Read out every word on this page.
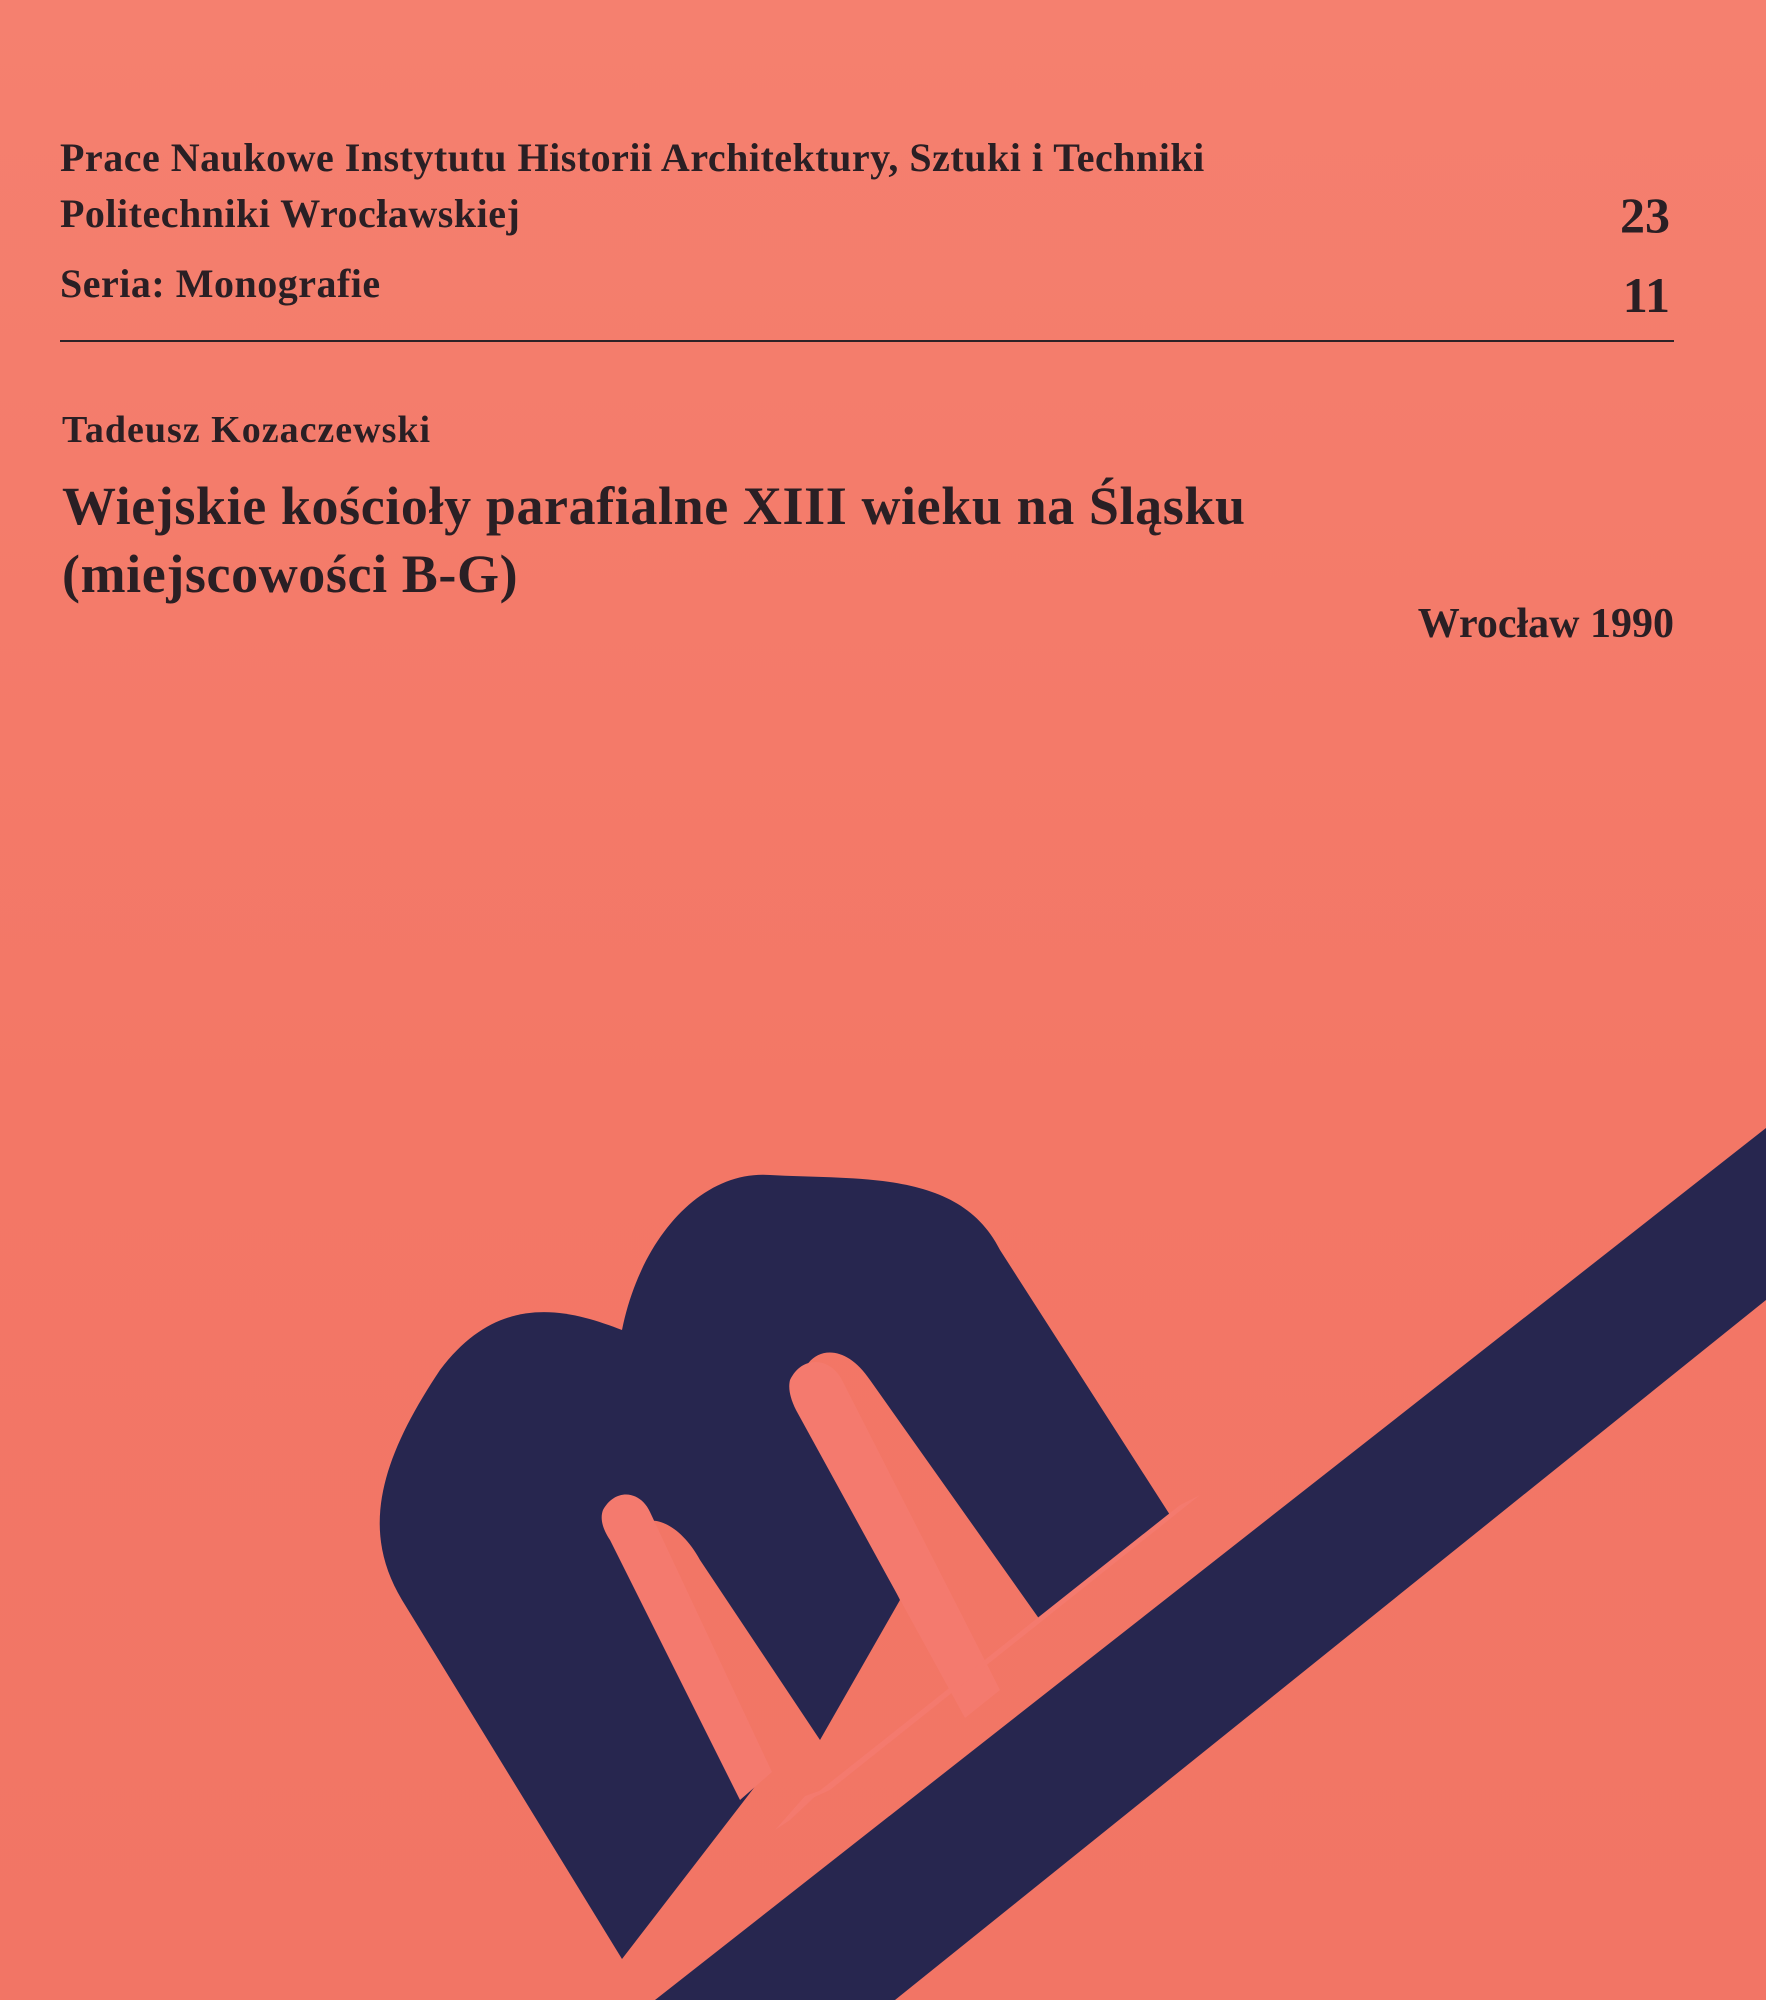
Prace Naukowe Instytutu Historii Architektury, Sztuki i Techniki
Politechniki Wrocławskiej
Seria: Monografie
23
11
Tadeusz Kozaczewski
Wiejskie kościoły parafialne XIII wieku na Śląsku
(miejscowości B-G)
Wrocław 1990
